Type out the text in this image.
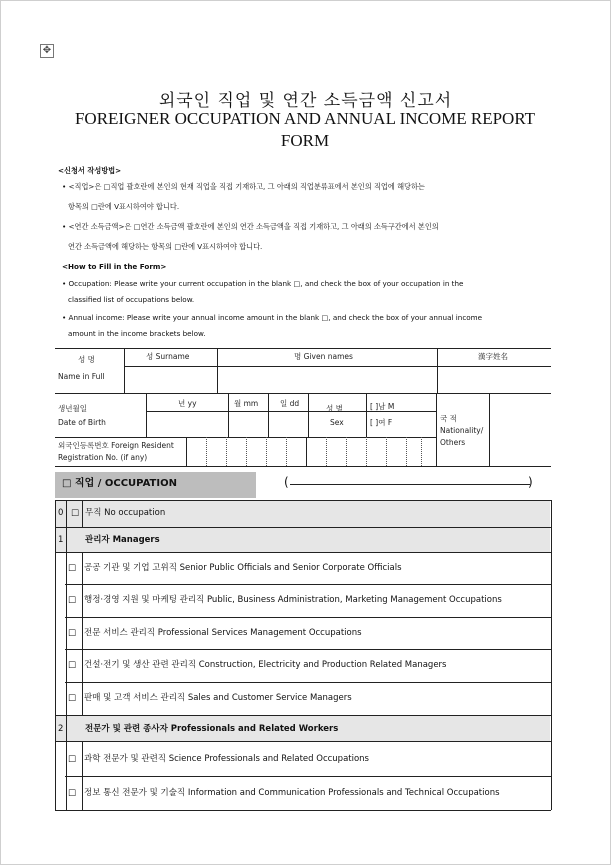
✥
외국인 직업 및 연간 소득금액 신고서
FOREIGNER OCCUPATION AND ANNUAL INCOME REPORT FORM
<신청서 작성방법>
• <직업>은 □직업 괄호란에 본인의 현재 직업을 직접 기재하고, 그 아래의 직업분류표에서 본인의 직업에 해당하는
항목의 □란에 V표시하여야 합니다.
• <연간 소득금액>은 □연간 소득금액 괄호란에 본인의 연간 소득금액을 직접 기재하고, 그 아래의 소득구간에서 본인의
연간 소득금액에 해당하는 항목의 □란에 V표시하여야 합니다.
<How to Fill in the Form>
• Occupation: Please write your current occupation in the blank □, and check the box of your occupation in the
classified list of occupations below.
• Annual income: Please write your annual income amount in the blank □, and check the box of your annual income
amount in the income brackets below.
성 명
Name in Full
성 Surname	명 Given names	漢字姓名
생년월일
Date of Birth
년 yy	월 mm	일 dd
성 별
Sex
[ ]남 M
[ ]여 F	국 적
Nationality/
Others
외국인등록번호 Foreign Resident
Registration No. (if any)
□ 직업 / OCCUPATION	(	)
0 □ 무직 No occupation
1	관리자 Managers
□ 공공 기관 및 기업 고위직 Senior Public Officials and Senior Corporate Officials
□ 행정·경영 지원 및 마케팅 관리직 Public, Business Administration, Marketing Management Occupations
□ 전문 서비스 관리직 Professional Services Management Occupations
□ 건설·전기 및 생산 관련 관리직 Construction, Electricity and Production Related Managers
□ 판매 및 고객 서비스 관리직 Sales and Customer Service Managers
2	전문가 및 관련 종사자 Professionals and Related Workers
□ 과학 전문가 및 관련직 Science Professionals and Related Occupations
□ 정보 통신 전문가 및 기술직 Information and Communication Professionals and Technical Occupations
